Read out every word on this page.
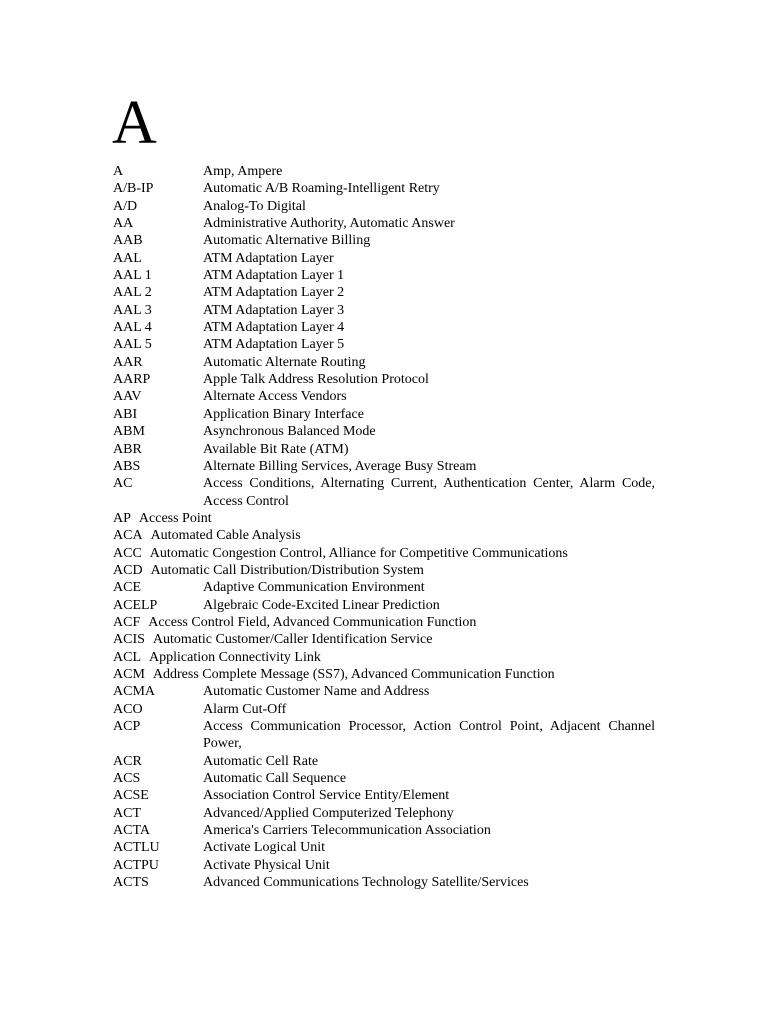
A
A	Amp, Ampere
A/B-IP	Automatic A/B Roaming-Intelligent Retry
A/D	Analog-To Digital
AA	Administrative Authority, Automatic Answer
AAB	Automatic Alternative Billing
AAL	ATM Adaptation Layer
AAL 1	ATM Adaptation Layer 1
AAL 2	ATM Adaptation Layer 2
AAL 3	ATM Adaptation Layer 3
AAL 4	ATM Adaptation Layer 4
AAL 5	ATM Adaptation Layer 5
AAR	Automatic Alternate Routing
AARP	Apple Talk Address Resolution Protocol
AAV	Alternate Access Vendors
ABI	Application Binary Interface
ABM	Asynchronous Balanced Mode
ABR	Available Bit Rate (ATM)
ABS	Alternate Billing Services, Average Busy Stream
AC	Access Conditions, Alternating Current, Authentication Center, Alarm Code, Access Control
AP Access Point
ACA Automated Cable Analysis
ACC Automatic Congestion Control, Alliance for Competitive Communications
ACD Automatic Call Distribution/Distribution System
ACE	Adaptive Communication Environment
ACELP	Algebraic Code-Excited Linear Prediction
ACF Access Control Field, Advanced Communication Function
ACIS Automatic Customer/Caller Identification Service
ACL Application Connectivity Link
ACM Address Complete Message (SS7), Advanced Communication Function
ACMA	Automatic Customer Name and Address
ACO	Alarm Cut-Off
ACP	Access Communication Processor, Action Control Point, Adjacent Channel Power,
ACR	Automatic Cell Rate
ACS	Automatic Call Sequence
ACSE	Association Control Service Entity/Element
ACT	Advanced/Applied Computerized Telephony
ACTA	America's Carriers Telecommunication Association
ACTLU	Activate Logical Unit
ACTPU	Activate Physical Unit
ACTS	Advanced Communications Technology Satellite/Services
